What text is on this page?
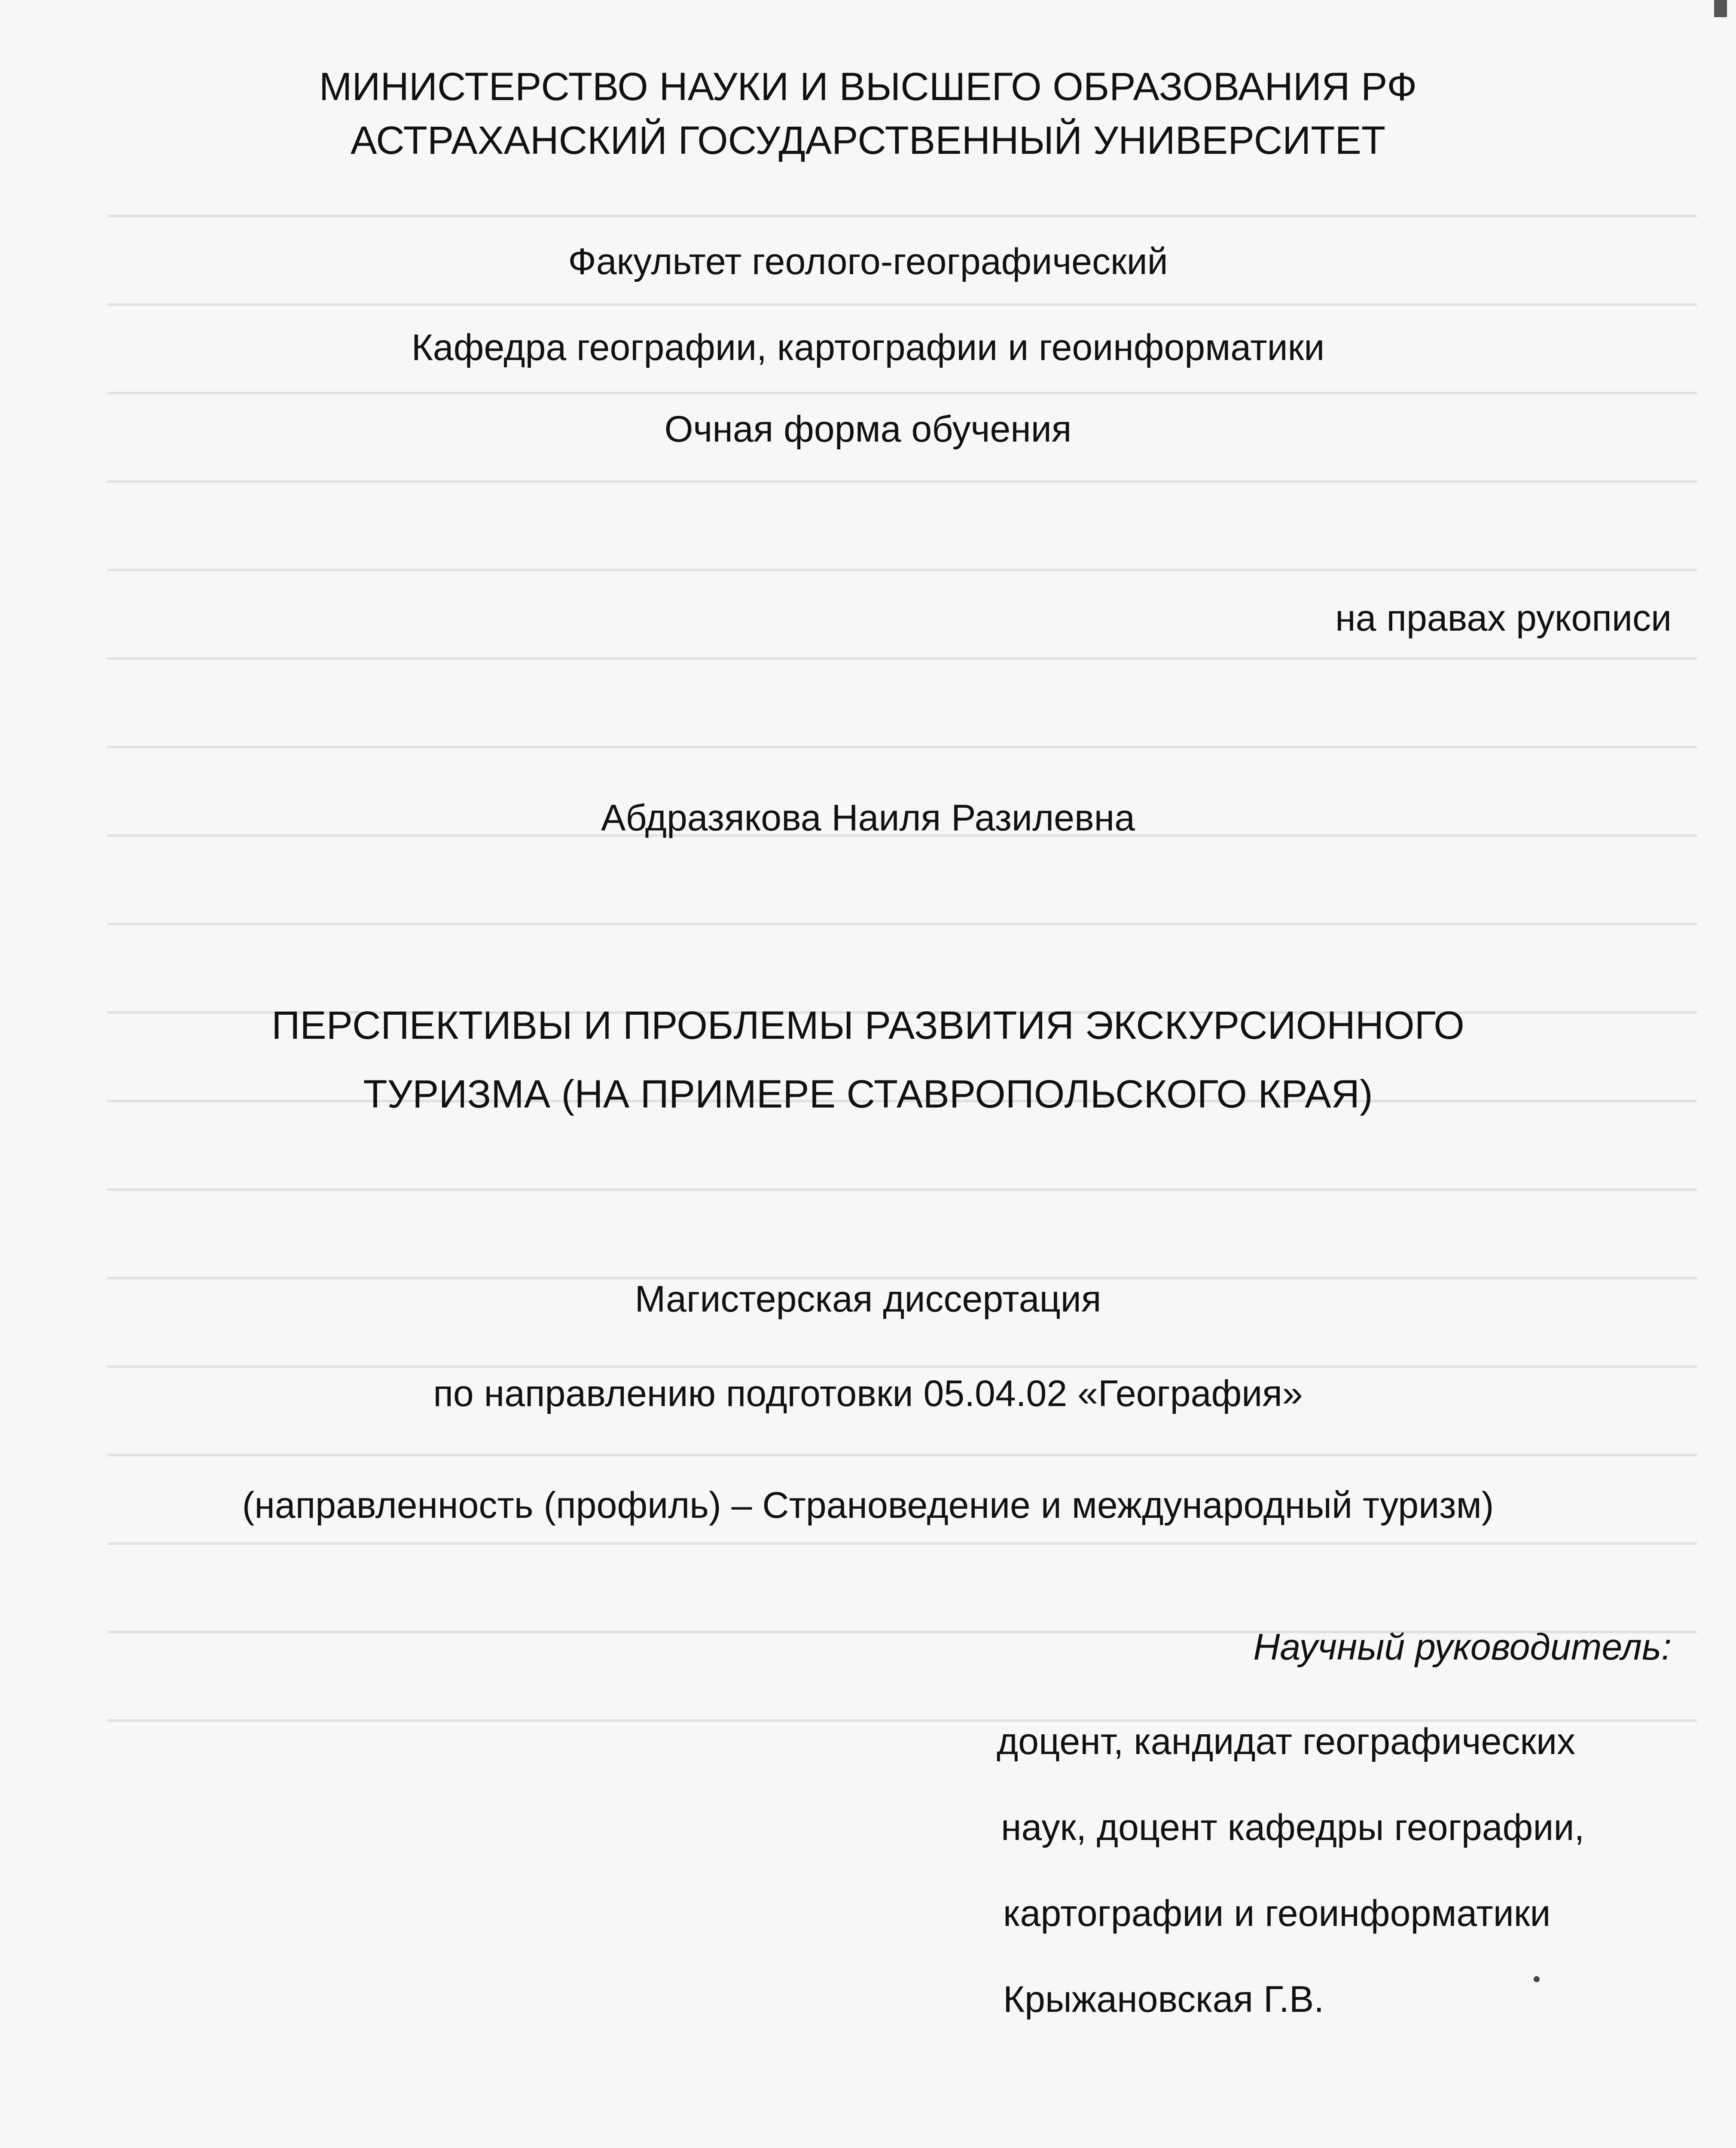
МИНИСТЕРСТВО НАУКИ И ВЫСШЕГО ОБРАЗОВАНИЯ РФ
АСТРАХАНСКИЙ ГОСУДАРСТВЕННЫЙ УНИВЕРСИТЕТ
Факультет геолого-географический
Кафедра географии, картографии и геоинформатики
Очная форма обучения
на правах рукописи
Абдразякова Наиля Разилевна
ПЕРСПЕКТИВЫ И ПРОБЛЕМЫ РАЗВИТИЯ ЭКСКУРСИОННОГО
ТУРИЗМА (НА ПРИМЕРЕ СТАВРОПОЛЬСКОГО КРАЯ)
Магистерская диссертация
по направлению подготовки 05.04.02 «География»
(направленность (профиль) – Страноведение и международный туризм)
Научный руководитель:
доцент, кандидат географических
наук, доцент кафедры географии,
картографии и геоинформатики
Крыжановская Г.В.
